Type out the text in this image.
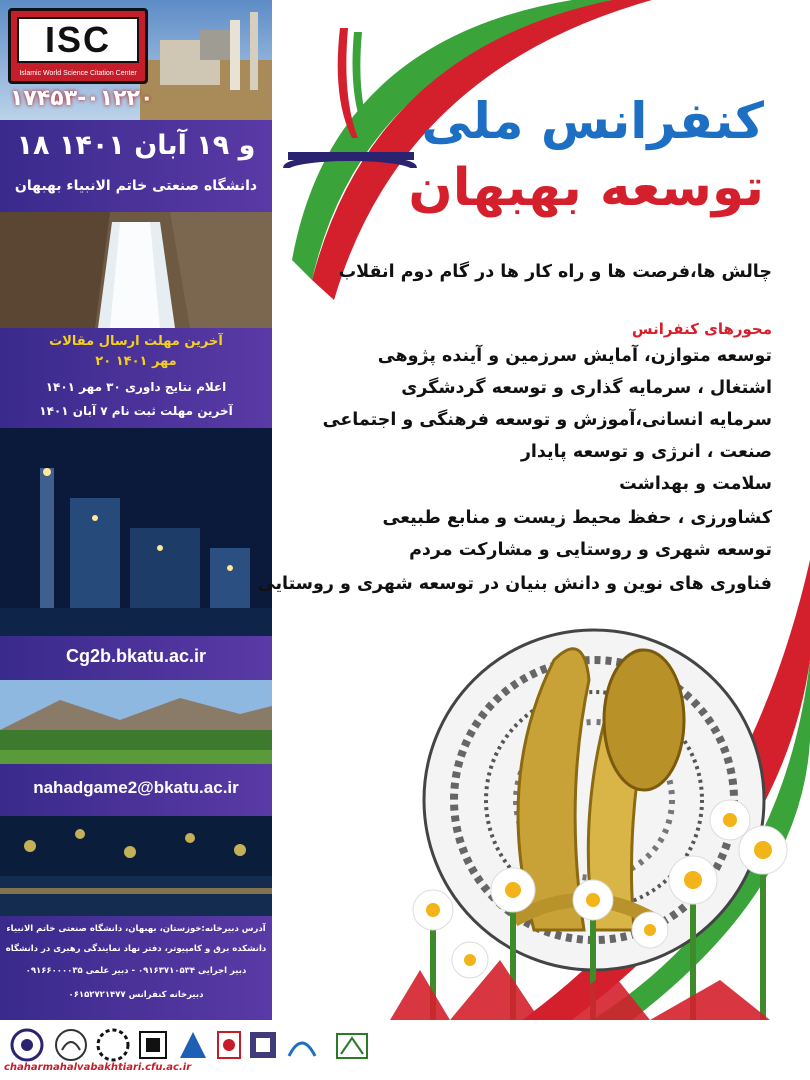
ISC
Islamic World Science Citation Center
۱۷۴۵۳-۰۱۲۲۰
۱۸ و ۱۹ آبان ۱۴۰۱
دانشگاه صنعتی خاتم الانبیاء بهبهان
آخرین مهلت ارسال مقالات
۲۰ مهر ۱۴۰۱
اعلام نتایج داوری ۳۰ مهر ۱۴۰۱
آخرین مهلت ثبت نام ۷ آبان ۱۴۰۱
Cg2b.bkatu.ac.ir
nahadgame2@bkatu.ac.ir
آدرس دبیرخانه:خوزستان، بهبهان، دانشگاه صنعتی خاتم الانبیاء
دانشکده برق و کامپیوتر، دفتر نهاد نمایندگی رهبری در دانشگاه
دبیر اجرایی ۰۹۱۶۳۷۱۰۵۳۴ - دبیر علمی ۰۹۱۶۶۰۰۰۰۳۵
دبیرخانه کنفرانس ۰۶۱۵۲۷۲۱۴۷۷
کنفرانس ملی
توسعه بهبهان
چالش ها،فرصت ها و راه کار ها در گام دوم انقلاب
محورهای کنفرانس
توسعه متوازن، آمایش سرزمین و آینده پژوهی
اشتغال ، سرمایه گذاری و توسعه گردشگری
سرمایه انسانی،آموزش و توسعه فرهنگی و اجتماعی
صنعت ، انرژی و توسعه پایدار
سلامت و بهداشت
کشاورزی ، حفظ محیط زیست و منابع طبیعی
توسعه شهری و روستایی و مشارکت مردم
فناوری های نوین و دانش بنیان در توسعه شهری و روستایی
chaharmahalvabakhtiari.cfu.ac.ir
